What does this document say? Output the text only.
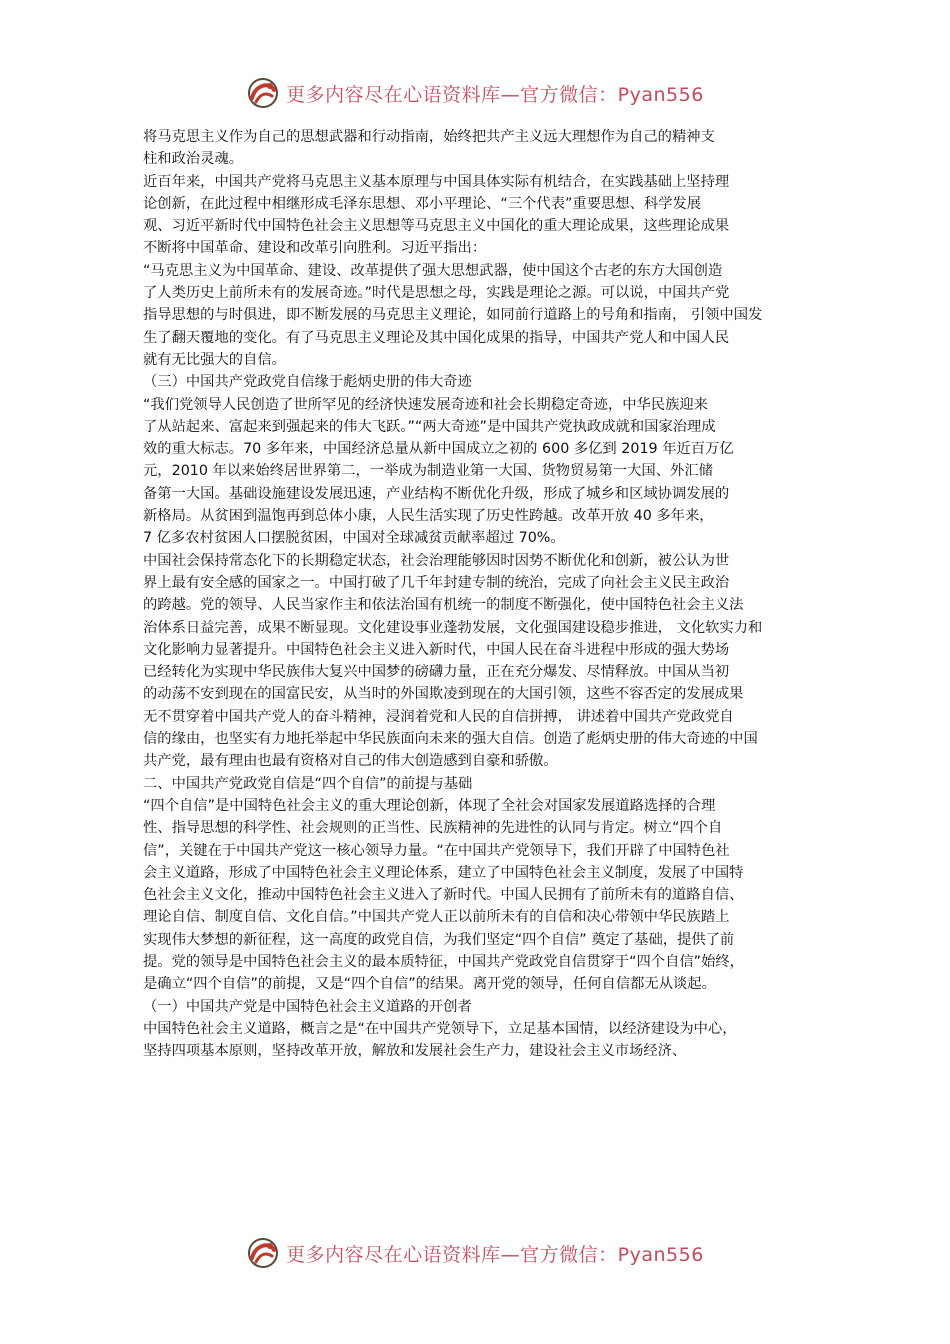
更多内容尽在心语资料库—官方微信：Pyan556

将马克思主义作为自己的思想武器和行动指南，始终把共产主义远大理想作为自己的精神支

柱和政治灵魂。

近百年来，中国共产党将马克思主义基本原理与中国具体实际有机结合，在实践基础上坚持理

论创新，在此过程中相继形成毛泽东思想、邓小平理论、“三个代表”重要思想、科学发展

观、习近平新时代中国特色社会主义思想等马克思主义中国化的重大理论成果，这些理论成果

不断将中国革命、建设和改革引向胜利。习近平指出：

“马克思主义为中国革命、建设、改革提供了强大思想武器，使中国这个古老的东方大国创造

了人类历史上前所未有的发展奇迹。”时代是思想之母，实践是理论之源。可以说，中国共产党

指导思想的与时俱进，即不断发展的马克思主义理论，如同前行道路上的号角和指南， 引领中国发

生了翻天覆地的变化。有了马克思主义理论及其中国化成果的指导，中国共产党人和中国人民

就有无比强大的自信。

（三）中国共产党政党自信缘于彪炳史册的伟大奇迹

“我们党领导人民创造了世所罕见的经济快速发展奇迹和社会长期稳定奇迹，中华民族迎来

了从站起来、富起来到强起来的伟大飞跃。”“两大奇迹”是中国共产党执政成就和国家治理成

效的重大标志。70 多年来，中国经济总量从新中国成立之初的 600 多亿到 2019 年近百万亿

元，2010 年以来始终居世界第二，一举成为制造业第一大国、货物贸易第一大国、外汇储

备第一大国。基础设施建设发展迅速，产业结构不断优化升级，形成了城乡和区域协调发展的

新格局。从贫困到温饱再到总体小康，人民生活实现了历史性跨越。改革开放 40 多年来，

7 亿多农村贫困人口摆脱贫困，中国对全球减贫贡献率超过 70%。

中国社会保持常态化下的长期稳定状态，社会治理能够因时因势不断优化和创新，被公认为世

界上最有安全感的国家之一。中国打破了几千年封建专制的统治，完成了向社会主义民主政治

的跨越。党的领导、人民当家作主和依法治国有机统一的制度不断强化，使中国特色社会主义法

治体系日益完善，成果不断显现。文化建设事业蓬勃发展，文化强国建设稳步推进， 文化软实力和

文化影响力显著提升。中国特色社会主义进入新时代，中国人民在奋斗进程中形成的强大势场

已经转化为实现中华民族伟大复兴中国梦的磅礴力量，正在充分爆发、尽情释放。中国从当初

的动荡不安到现在的国富民安，从当时的外国欺凌到现在的大国引领，这些不容否定的发展成果

无不贯穿着中国共产党人的奋斗精神，浸润着党和人民的自信拼搏， 讲述着中国共产党政党自

信的缘由，也坚实有力地托举起中华民族面向未来的强大自信。创造了彪炳史册的伟大奇迹的中国

共产党，最有理由也最有资格对自己的伟大创造感到自豪和骄傲。

二、中国共产党政党自信是“四个自信”的前提与基础

“四个自信”是中国特色社会主义的重大理论创新，体现了全社会对国家发展道路选择的合理

性、指导思想的科学性、社会规则的正当性、民族精神的先进性的认同与肯定。树立“四个自

信”，关键在于中国共产党这一核心领导力量。“在中国共产党领导下，我们开辟了中国特色社

会主义道路，形成了中国特色社会主义理论体系，建立了中国特色社会主义制度，发展了中国特

色社会主义文化，推动中国特色社会主义进入了新时代。中国人民拥有了前所未有的道路自信、

理论自信、制度自信、文化自信。”中国共产党人正以前所未有的自信和决心带领中华民族踏上

实现伟大梦想的新征程，这一高度的政党自信，为我们坚定“四个自信” 奠定了基础，提供了前

提。党的领导是中国特色社会主义的最本质特征，中国共产党政党自信贯穿于“四个自信”始终，

是确立“四个自信”的前提，又是“四个自信”的结果。离开党的领导，任何自信都无从谈起。

（一）中国共产党是中国特色社会主义道路的开创者

中国特色社会主义道路，概言之是“在中国共产党领导下，立足基本国情，以经济建设为中心，

坚持四项基本原则，坚持改革开放，解放和发展社会生产力，建设社会主义市场经济、

更多内容尽在心语资料库—官方微信：Pyan556
